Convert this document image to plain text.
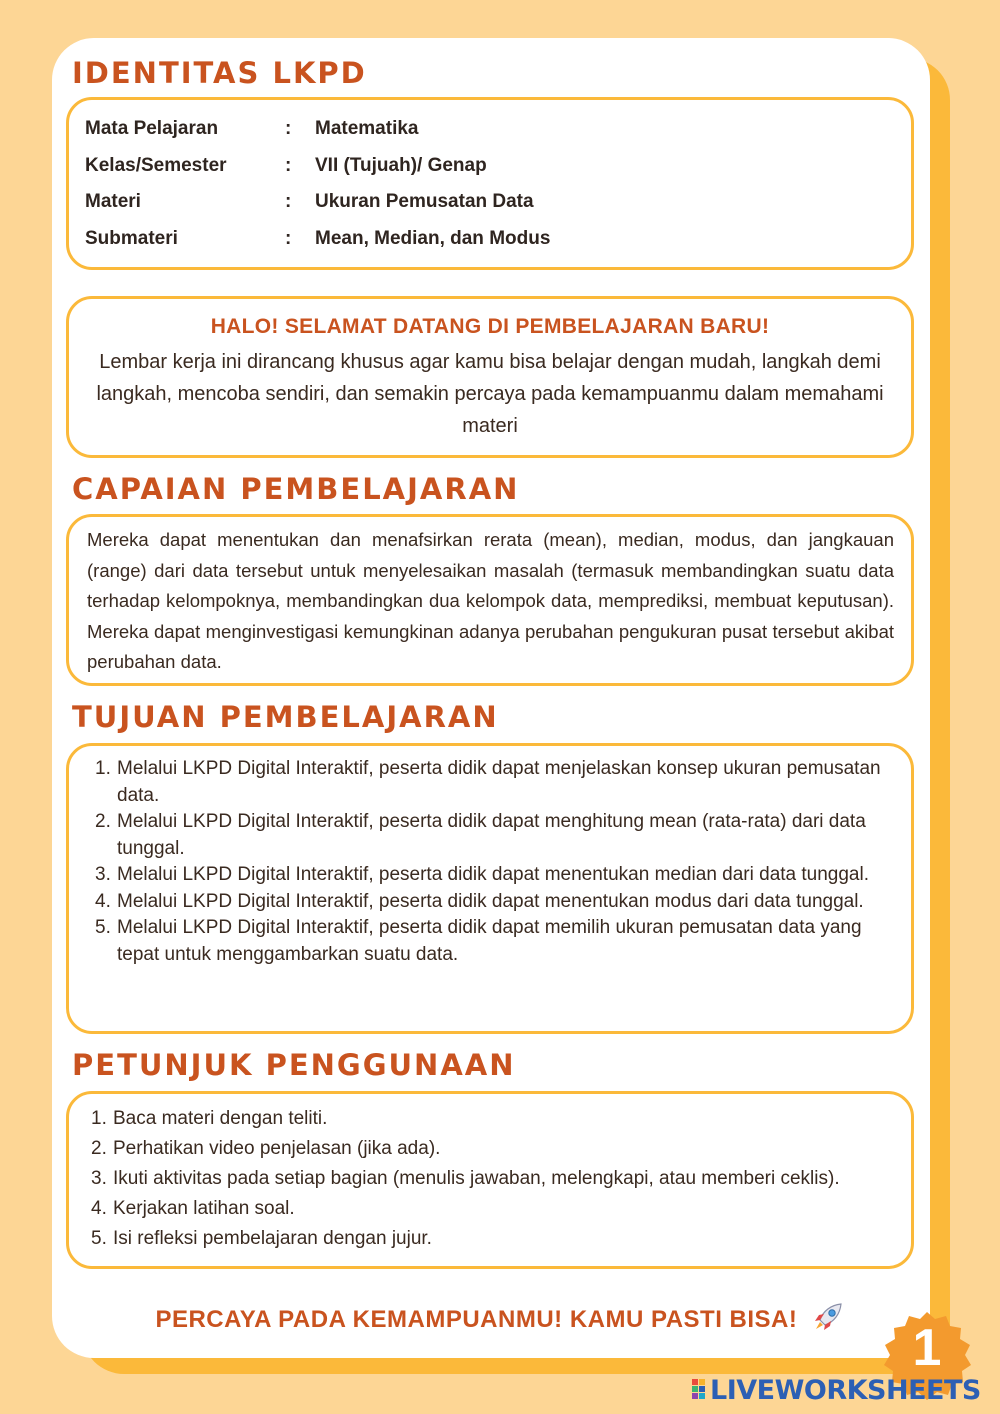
IDENTITAS LKPD
Mata Pelajaran	: Matematika
Kelas/Semester	: VII (Tujuah)/ Genap
Materi	: Ukuran Pemusatan Data
Submateri	: Mean, Median, dan Modus
HALO! SELAMAT DATANG DI PEMBELAJARAN BARU!
Lembar kerja ini dirancang khusus agar kamu bisa belajar dengan mudah, langkah demi langkah, mencoba sendiri, dan semakin percaya pada kemampuanmu dalam memahami materi
CAPAIAN PEMBELAJARAN
Mereka dapat menentukan dan menafsirkan rerata (mean), median, modus, dan jangkauan (range) dari data tersebut untuk menyelesaikan masalah (termasuk membandingkan suatu data terhadap kelompoknya, membandingkan dua kelompok data, memprediksi, membuat keputusan). Mereka dapat menginvestigasi kemungkinan adanya perubahan pengukuran pusat tersebut akibat perubahan data.
TUJUAN PEMBELAJARAN
1. Melalui LKPD Digital Interaktif, peserta didik dapat menjelaskan konsep ukuran pemusatan data.
2. Melalui LKPD Digital Interaktif, peserta didik dapat menghitung mean (rata-rata) dari data tunggal.
3. Melalui LKPD Digital Interaktif, peserta didik dapat menentukan median dari data tunggal.
4. Melalui LKPD Digital Interaktif, peserta didik dapat menentukan modus dari data tunggal.
5. Melalui LKPD Digital Interaktif, peserta didik dapat memilih ukuran pemusatan data yang tepat untuk menggambarkan suatu data.
PETUNJUK PENGGUNAAN
1. Baca materi dengan teliti.
2. Perhatikan video penjelasan (jika ada).
3. Ikuti aktivitas pada setiap bagian (menulis jawaban, melengkapi, atau memberi ceklis).
4. Kerjakan latihan soal.
5. Isi refleksi pembelajaran dengan jujur.
PERCAYA PADA KEMAMPUANMU! KAMU PASTI BISA!	1
LIVEWORKSHEETS
